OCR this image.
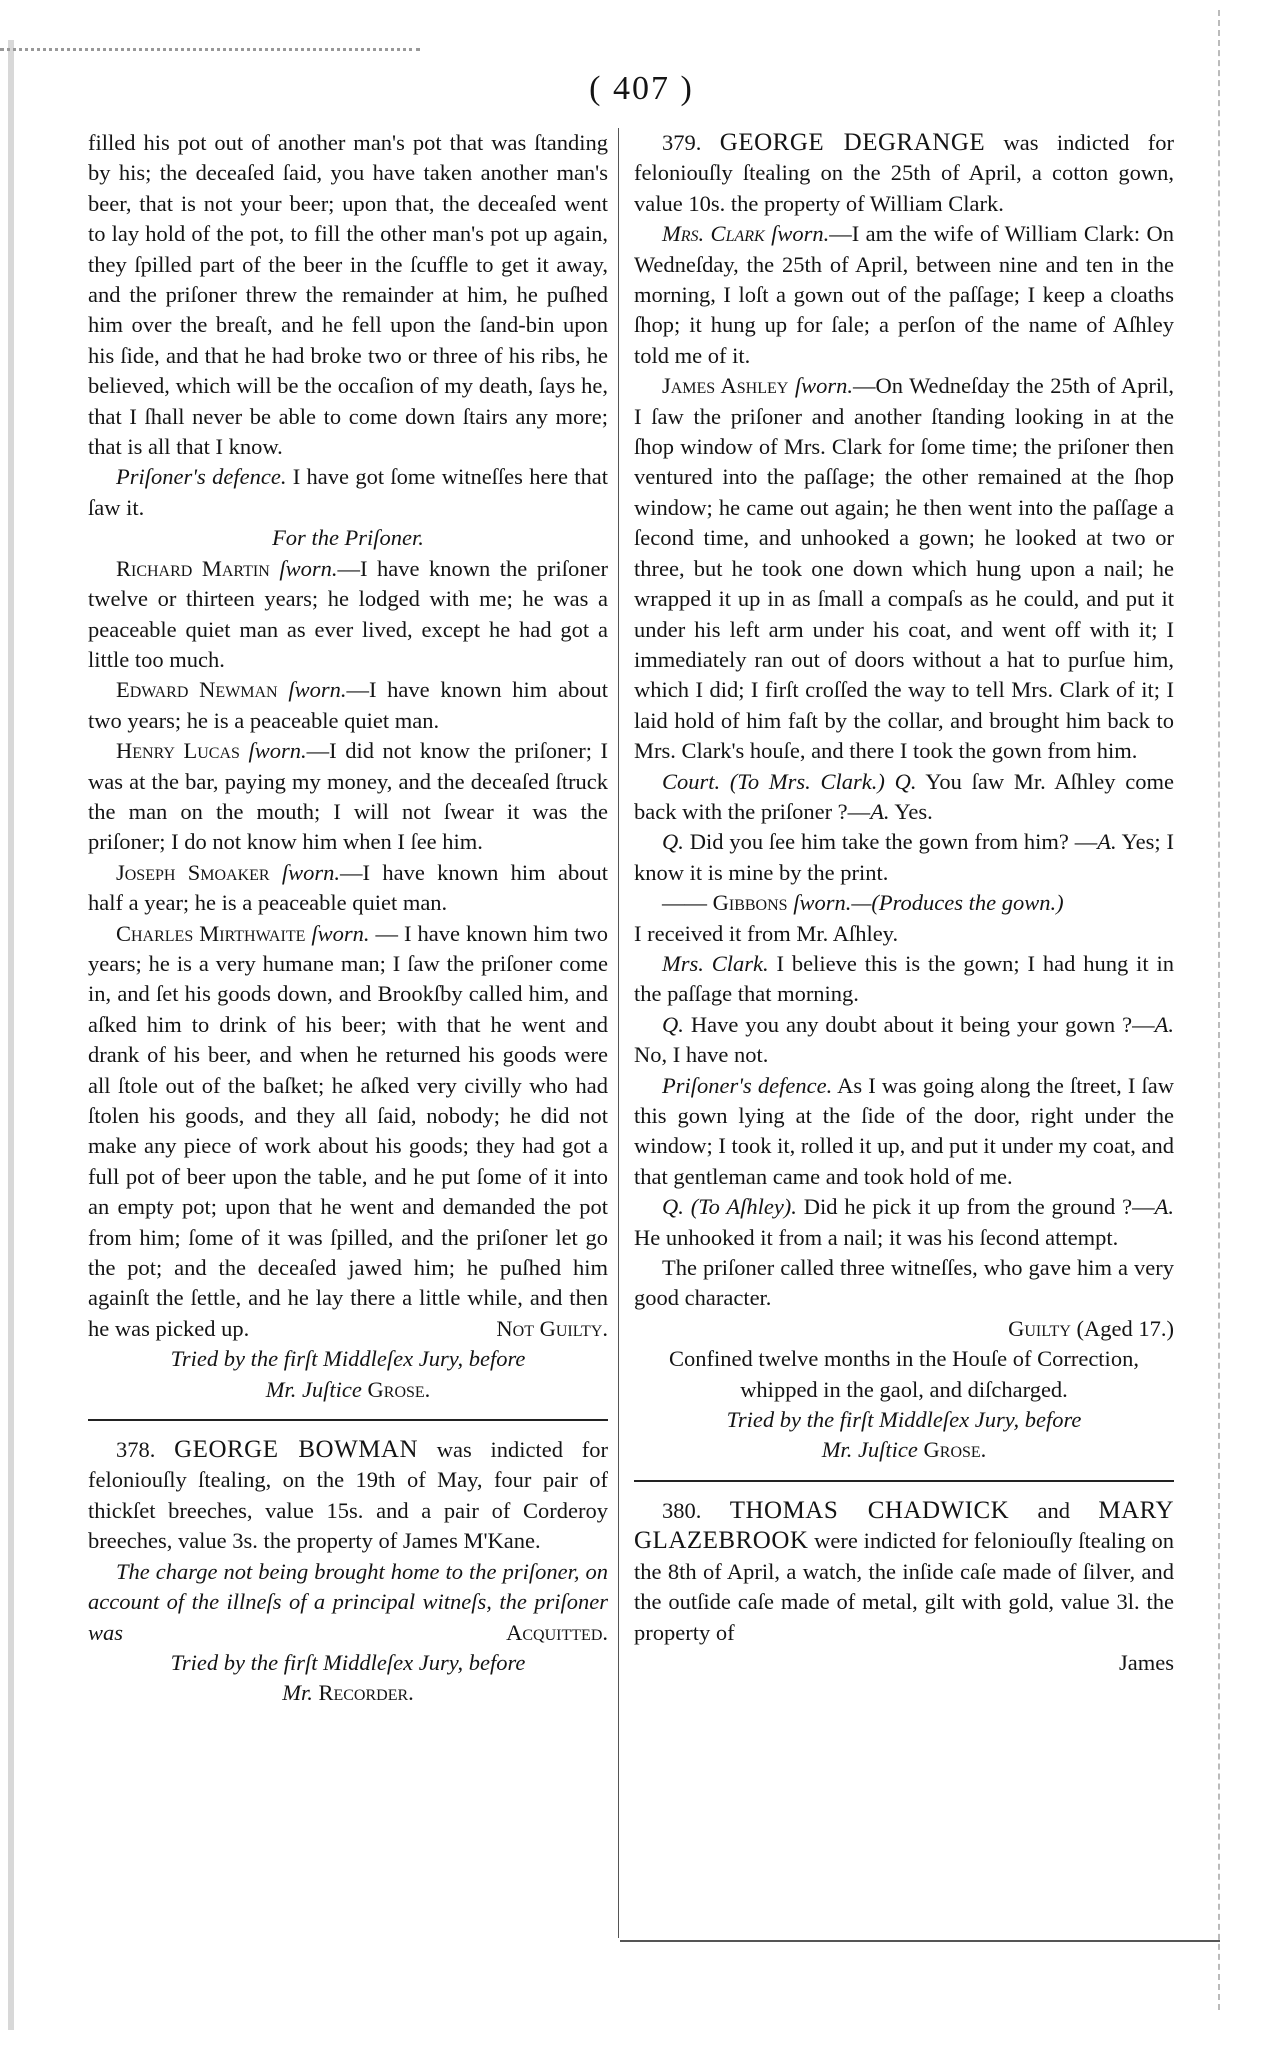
( 407 )

filled his pot out of another man's pot that was ſtanding by his; the deceaſed ſaid, you have taken another man's beer, that is not your beer; upon that, the deceaſed went to lay hold of the pot, to fill the other man's pot up again, they ſpilled part of the beer in the ſcuffle to get it away, and the priſoner threw the remainder at him, he puſhed him over the breaſt, and he fell upon the ſand-bin upon his ſide, and that he had broke two or three of his ribs, he believed, which will be the occaſion of my death, ſays he, that I ſhall never be able to come down ſtairs any more; that is all that I know.

Priſoner's defence. I have got ſome witneſſes here that ſaw it.

For the Priſoner.

Richard Martin ſworn.—I have known the priſoner twelve or thirteen years; he lodged with me; he was a peaceable quiet man as ever lived, except he had got a little too much.

Edward Newman ſworn.—I have known him about two years; he is a peaceable quiet man.

Henry Lucas ſworn.—I did not know the priſoner; I was at the bar, paying my money, and the deceaſed ſtruck the man on the mouth; I will not ſwear it was the priſoner; I do not know him when I ſee him.

Joseph Smoaker ſworn.—I have known him about half a year; he is a peaceable quiet man.

Charles Mirthwaite ſworn. — I have known him two years; he is a very humane man; I ſaw the priſoner come in, and ſet his goods down, and Brookſby called him, and aſked him to drink of his beer; with that he went and drank of his beer, and when he returned his goods were all ſtole out of the baſket; he aſked very civilly who had ſtolen his goods, and they all ſaid, nobody; he did not make any piece of work about his goods; they had got a full pot of beer upon the table, and he put ſome of it into an empty pot; upon that he went and demanded the pot from him; ſome of it was ſpilled, and the priſoner let go the pot; and the deceaſed jawed him; he puſhed him againſt the ſettle, and he lay there a little while, and then he was picked up.	Not Guilty.

Tried by the firſt Middleſex Jury, before

Mr. Juſtice Grose.

378. GEORGE BOWMAN was indicted for feloniouſly ſtealing, on the 19th of May, four pair of thickſet breeches, value 15s. and a pair of Corderoy breeches, value 3s. the property of James M'Kane.

The charge not being brought home to the priſoner, on account of the illneſs of a principal witneſs, the priſoner was	Acquitted.

Tried by the firſt Middleſex Jury, before

Mr. Recorder.

379. GEORGE DEGRANGE was indicted for feloniouſly ſtealing on the 25th of April, a cotton gown, value 10s. the property of William Clark.

Mrs. Clark ſworn.—I am the wife of William Clark: On Wedneſday, the 25th of April, between nine and ten in the morning, I loſt a gown out of the paſſage; I keep a cloaths ſhop; it hung up for ſale; a perſon of the name of Aſhley told me of it.

James Ashley ſworn.—On Wedneſday the 25th of April, I ſaw the priſoner and another ſtanding looking in at the ſhop window of Mrs. Clark for ſome time; the priſoner then ventured into the paſſage; the other remained at the ſhop window; he came out again; he then went into the paſſage a ſecond time, and unhooked a gown; he looked at two or three, but he took one down which hung upon a nail; he wrapped it up in as ſmall a compaſs as he could, and put it under his left arm under his coat, and went off with it; I immediately ran out of doors without a hat to purſue him, which I did; I firſt croſſed the way to tell Mrs. Clark of it; I laid hold of him faſt by the collar, and brought him back to Mrs. Clark's houſe, and there I took the gown from him.

Court. (To Mrs. Clark.) Q. You ſaw Mr. Aſhley come back with the priſoner ?—A. Yes.

Q. Did you ſee him take the gown from him? —A. Yes; I know it is mine by the print.

—— Gibbons ſworn.—(Produces the gown.)

I received it from Mr. Aſhley.

Mrs. Clark. I believe this is the gown; I had hung it in the paſſage that morning.

Q. Have you any doubt about it being your gown ?—A. No, I have not.

Priſoner's defence. As I was going along the ſtreet, I ſaw this gown lying at the ſide of the door, right under the window; I took it, rolled it up, and put it under my coat, and that gentleman came and took hold of me.

Q. (To Aſhley). Did he pick it up from the ground ?—A. He unhooked it from a nail; it was his ſecond attempt.

The priſoner called three witneſſes, who gave him a very good character.

Guilty (Aged 17.)

Confined twelve months in the Houſe of Correction, whipped in the gaol, and diſcharged.

Tried by the firſt Middleſex Jury, before

Mr. Juſtice Grose.

380. THOMAS CHADWICK and MARY GLAZEBROOK were indicted for feloniouſly ſtealing on the 8th of April, a watch, the inſide caſe made of ſilver, and the outſide caſe made of metal, gilt with gold, value 3l. the property of

James
